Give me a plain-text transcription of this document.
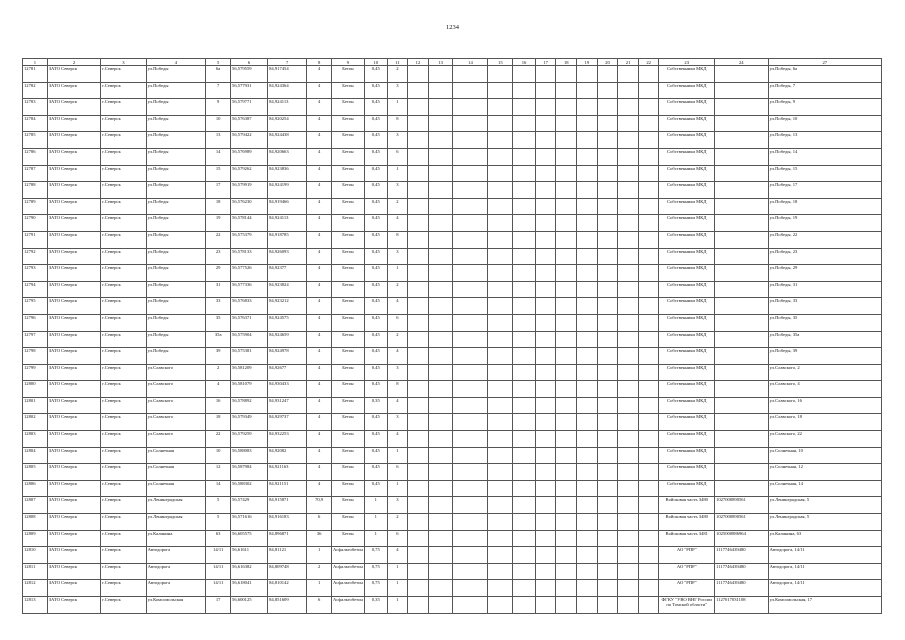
1234
1	2	3	4	5	6	7	8	9	10	11	12	13	14	15	16	17	18	19	20	21	22	23	24	27
12781	ЗАТО Северск	г.Северск	ул.Победы	6а	56,579559	84,917454	4	Бетон	0,45	2												Собственники МКД		ул.Победы, 6а
12782	ЗАТО Северск	г.Северск	ул.Победы	7	56,577931	84,924364	4	Бетон	0,45	3												Собственники МКД		ул.Победы, 7
12783	ЗАТО Северск	г.Северск	ул.Победы	9	56,579771	84,924113	4	Бетон	0,45	1												Собственники МКД		ул.Победы, 9
12784	ЗАТО Северск	г.Северск	ул.Победы	10	56,576387	84,920254	4	Бетон	0,45	8												Собственники МКД		ул.Победы, 10
12785	ЗАТО Северск	г.Северск	ул.Победы	13	56,579422	84,924438	4	Бетон	0,45	3												Собственники МКД		ул.Победы, 13
12786	ЗАТО Северск	г.Северск	ул.Победы	14	56,576989	84,920663	4	Бетон	0,45	6												Собственники МКД		ул.Победы, 14
12787	ЗАТО Северск	г.Северск	ул.Победы	15	56,579262	84,923836	4	Бетон	0,45	1												Собственники МКД		ул.Победы, 15
12788	ЗАТО Северск	г.Северск	ул.Победы	17	56,579919	84,924199	4	Бетон	0,45	3												Собственники МКД		ул.Победы, 17
12789	ЗАТО Северск	г.Северск	ул.Победы	18	56,576230	84,919466	4	Бетон	0,45	2												Собственники МКД		ул.Победы, 18
12790	ЗАТО Северск	г.Северск	ул.Победы	19	56,578144	84,924113	4	Бетон	0,45	4												Собственники МКД		ул.Победы, 19
12791	ЗАТО Северск	г.Северск	ул.Победы	22	56,575379	84,918785	4	Бетон	0,45	8												Собственники МКД		ул.Победы, 22
12792	ЗАТО Северск	г.Северск	ул.Победы	23	56,578133	84,926093	4	Бетон	0,45	3												Собственники МКД		ул.Победы, 23
12793	ЗАТО Северск	г.Северск	ул.Победы	29	56,577526	84,92377	4	Бетон	0,45	1												Собственники МКД		ул.Победы, 29
12794	ЗАТО Северск	г.Северск	ул.Победы	31	56,577336	84,923824	4	Бетон	0,45	2												Собственники МКД		ул.Победы, 31
12795	ЗАТО Северск	г.Северск	ул.Победы	33	56,576833	84,923212	4	Бетон	0,45	4												Собственники МКД		ул.Победы, 33
12796	ЗАТО Северск	г.Северск	ул.Победы	35	56,576371	84,924575	4	Бетон	0,45	6												Собственники МКД		ул.Победы, 35
12797	ЗАТО Северск	г.Северск	ул.Победы	35а	56,575904	84,924659	4	Бетон	0,45	2												Собственники МКД		ул.Победы, 35а
12798	ЗАТО Северск	г.Северск	ул.Победы	39	56,575381	84,924978	4	Бетон	0,45	4												Собственники МКД		ул.Победы, 39
12799	ЗАТО Северск	г.Северск	ул.Славского	2	56,581209	84,92677	4	Бетон	0,45	3												Собственники МКД		ул.Славского, 2
12800	ЗАТО Северск	г.Северск	ул.Славского	4	56,581079	84,930433	4	Бетон	0,45	8												Собственники МКД		ул.Славского, 4
12801	ЗАТО Северск	г.Северск	ул.Славского	16	56,578892	84,931247	4	Бетон	0,35	4												Собственники МКД		ул.Славского, 16
12802	ЗАТО Северск	г.Северск	ул.Славского	18	56,579349	84,929737	4	Бетон	0,45	3												Собственники МКД		ул.Славского, 18
12803	ЗАТО Северск	г.Северск	ул.Славского	22	56,579259	84,932253	4	Бетон	0,45	4												Собственники МКД		ул.Славского, 22
12804	ЗАТО Северск	г.Северск	ул.Солнечная	10	56,588083	84,92082	4	Бетон	0,45	1												Собственники МКД		ул.Солнечная, 10
12805	ЗАТО Северск	г.Северск	ул.Солнечная	12	56,587984	84,921163	4	Бетон	0,45	6												Собственники МКД		ул.Солнечная, 12
12806	ЗАТО Северск	г.Северск	ул.Солнечная	14	56,588302	84,921151	4	Бетон	0,45	1												Собственники МКД		ул.Солнечная, 14
12807	ЗАТО Северск	г.Северск	ул.Ленинградская	5	56,57429	84,915871	70,9	Бетон	1	3												Войсковая часть 3480	1027000890561	ул.Ленинградская, 5
12808	ЗАТО Северск	г.Северск	ул.Ленинградская	5	56,571616	84,916183	6	Бетон	1	2												Войсковая часть 3480	1027000890561	ул.Ленинградская, 5
12809	ЗАТО Северск	г.Северск	ул.Калинина	63	56,605575	84,896871	36	Бетон	1	6												Войсковая часть 3481	1025000886964	ул.Калинина, 63
12810	ЗАТО Северск	г.Северск	Автодорога	14/11	56,61611	84,81121	1	Асфальтобетон	0,75	4												АО "РПР"	1117746439480	Автодорога, 14/11
12811	ЗАТО Северск	г.Северск	Автодорога	14/11	56,616382	84,809748	2	Асфальтобетон	0,75	1												АО "РПР"	1117746439480	Автодорога, 14/11
12812	ЗАТО Северск	г.Северск	Автодорога	14/11	56,618041	84,810142	1	Асфальтобетон	0,75	1												АО "РПР"	1117746439480	Автодорога, 14/11
12813	ЗАТО Северск	г.Северск	ул.Комсомольская	17	56,600125	84,851609	6	Асфальтобетон	0,35	1												ФГКУ "УВО ВНГ России по Томской области"	1127017031108	ул.Комсомольская, 17
